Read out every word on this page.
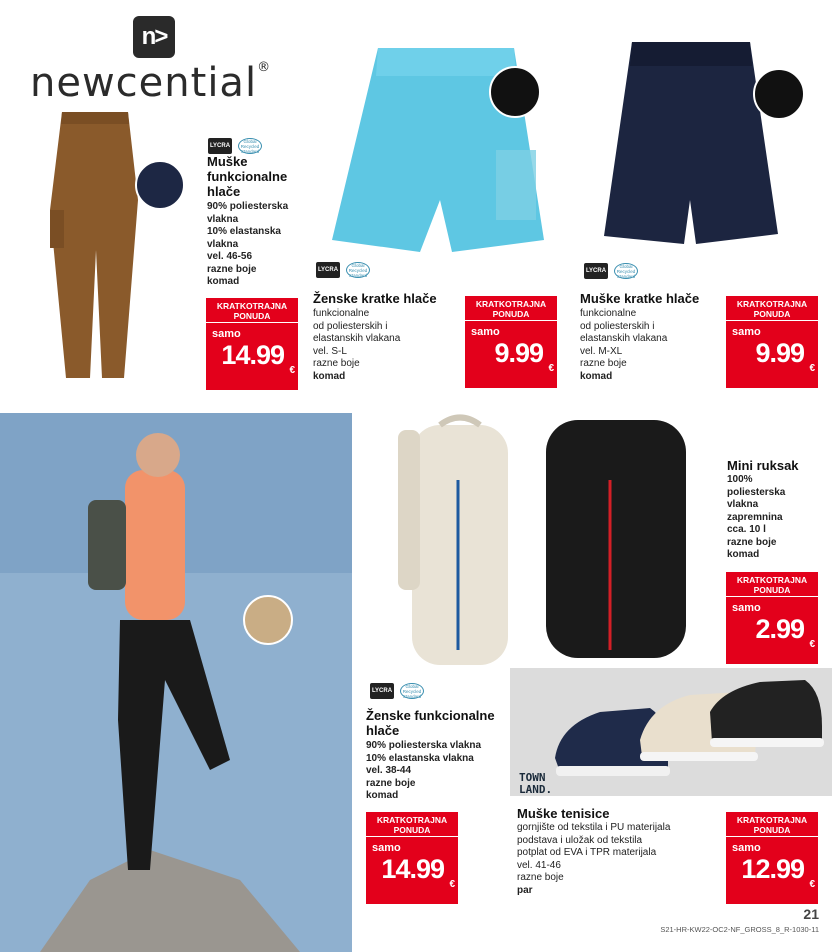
n>
newcential®
LYCRA
Global Recycled Standard
Muške
funkcionalne
hlače
90% poliesterska
vlakna
10% elastanska
vlakna
vel. 46-56
razne boje
komad
KRATKOTRAJNA PONUDA
samo
14.99
€
LYCRA
Global Recycled Standard
Ženske kratke hlače
funkcionalne
od poliesterskih i
elastanskih vlakana
vel. S-L
razne boje
komad
KRATKOTRAJNA PONUDA
samo
9.99
€
LYCRA
Global Recycled Standard
Muške kratke hlače
funkcionalne
od poliesterskih i
elastanskih vlakana
vel. M-XL
razne boje
komad
KRATKOTRAJNA PONUDA
samo
9.99
€
Mini ruksak
100%
poliesterska
vlakna
zapremnina
cca. 10 l
razne boje
komad
KRATKOTRAJNA PONUDA
samo
2.99
€
LYCRA
Global Recycled Standard
Ženske funkcionalne
hlače
90% poliesterska vlakna
10% elastanska vlakna
vel. 38-44
razne boje
komad
KRATKOTRAJNA PONUDA
samo
14.99
€
TOWN
LAND.
Muške tenisice
gornjište od tekstila i PU materijala
podstava i uložak od tekstila
potplat od EVA i TPR materijala
vel. 41-46
razne boje
par
KRATKOTRAJNA PONUDA
samo
12.99
€
21
S21-HR-KW22-OC2-NF_GROSS_8_R-1030-11
